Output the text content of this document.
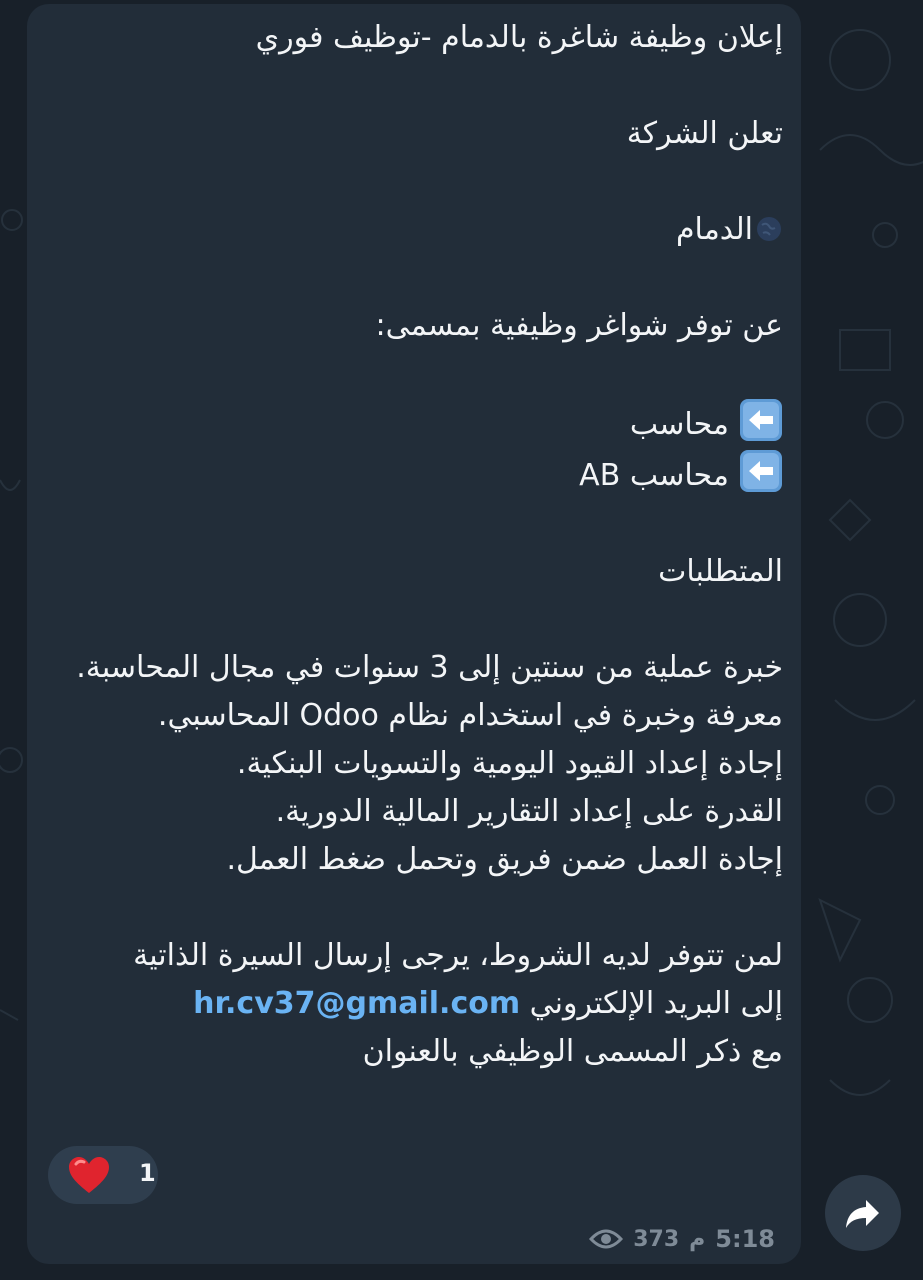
إعلان وظيفة شاغرة بالدمام -توظيف فوري
تعلن الشركة
الدمام
عن توفر شواغر وظيفية بمسمى:
محاسب
محاسب AB
المتطلبات
خبرة عملية من سنتين إلى 3 سنوات في مجال المحاسبة.
معرفة وخبرة في استخدام نظام Odoo المحاسبي.
إجادة إعداد القيود اليومية والتسويات البنكية.
القدرة على إعداد التقارير المالية الدورية.
إجادة العمل ضمن فريق وتحمل ضغط العمل.
لمن تتوفر لديه الشروط، يرجى إرسال السيرة الذاتية
إلى البريد الإلكتروني hr.cv37@gmail.com
مع ذكر المسمى الوظيفي بالعنوان
1
373 م 5:18
